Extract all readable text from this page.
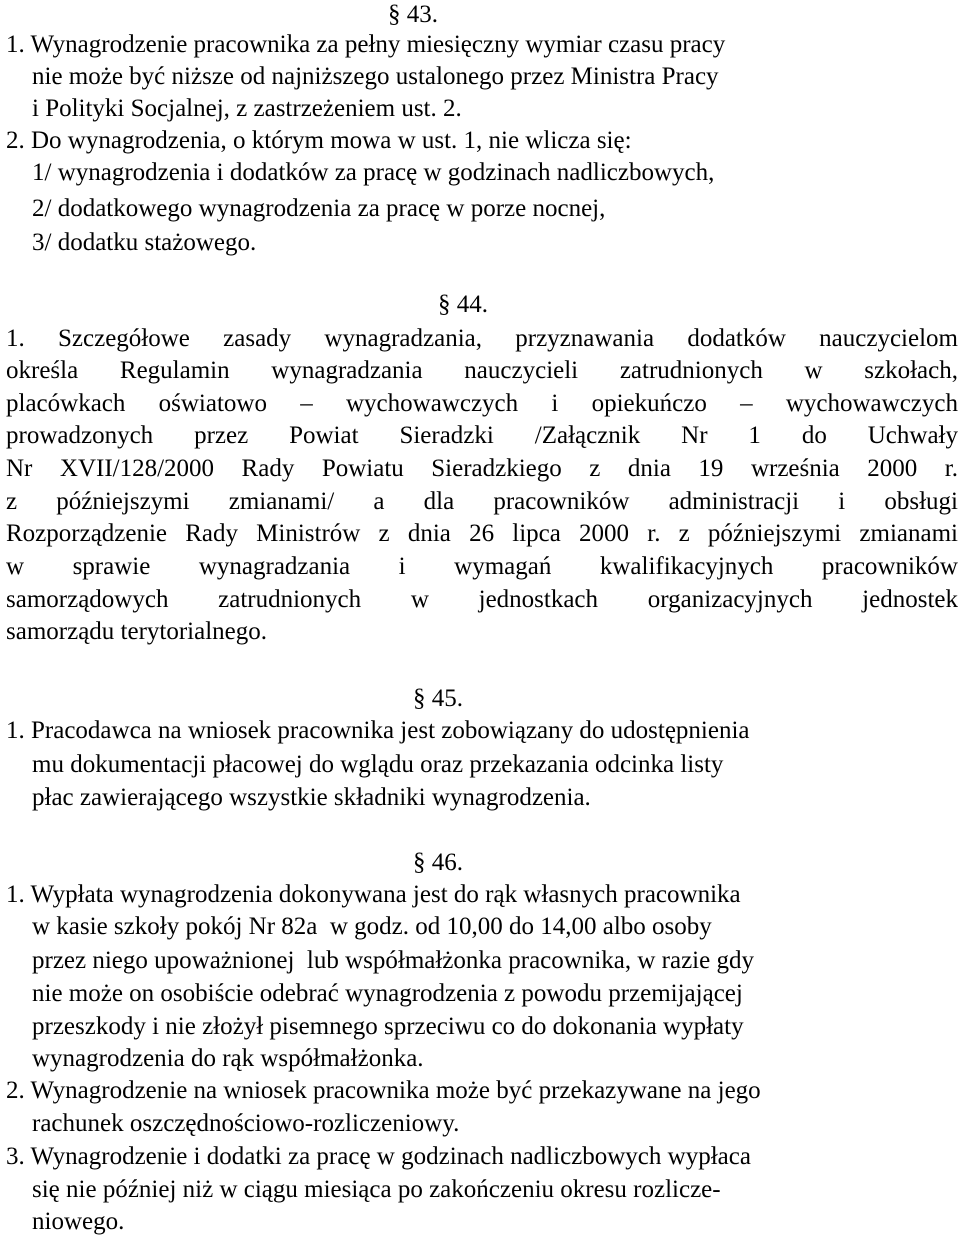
§ 43.
1. Wynagrodzenie pracownika za pełny miesięczny wymiar czasu pracy
nie może być niższe od najniższego ustalonego przez Ministra Pracy
i Polityki Socjalnej, z zastrzeżeniem ust. 2.
2. Do wynagrodzenia, o którym mowa w ust. 1, nie wlicza się:
1/ wynagrodzenia i dodatków za pracę w godzinach nadliczbowych,
2/ dodatkowego wynagrodzenia za pracę w porze nocnej,
3/ dodatku stażowego.
§ 44.
1. Szczegółowe zasady wynagradzania, przyznawania dodatków nauczycielom
określa Regulamin wynagradzania nauczycieli zatrudnionych w szkołach,
placówkach oświatowo – wychowawczych i opiekuńczo – wychowawczych
prowadzonych przez Powiat Sieradzki /Załącznik Nr 1 do Uchwały
Nr XVII/128/2000 Rady Powiatu Sieradzkiego z dnia 19 września 2000 r.
z późniejszymi zmianami/ a dla pracowników administracji i obsługi
Rozporządzenie Rady Ministrów z dnia 26 lipca 2000 r. z późniejszymi zmianami
w sprawie wynagradzania i wymagań kwalifikacyjnych pracowników
samorządowych zatrudnionych w jednostkach organizacyjnych jednostek
samorządu terytorialnego.
§ 45.
1. Pracodawca na wniosek pracownika jest zobowiązany do udostępnienia
mu dokumentacji płacowej do wglądu oraz przekazania odcinka listy
płac zawierającego wszystkie składniki wynagrodzenia.
§ 46.
1. Wypłata wynagrodzenia dokonywana jest do rąk własnych pracownika
w kasie szkoły pokój Nr 82a  w godz. od 10,00 do 14,00 albo osoby
przez niego upoważnionej  lub współmałżonka pracownika, w razie gdy
nie może on osobiście odebrać wynagrodzenia z powodu przemijającej
przeszkody i nie złożył pisemnego sprzeciwu co do dokonania wypłaty
wynagrodzenia do rąk współmałżonka.
2. Wynagrodzenie na wniosek pracownika może być przekazywane na jego
rachunek oszczędnościowo-rozliczeniowy.
3. Wynagrodzenie i dodatki za pracę w godzinach nadliczbowych wypłaca
się nie później niż w ciągu miesiąca po zakończeniu okresu rozlicze-
niowego.
